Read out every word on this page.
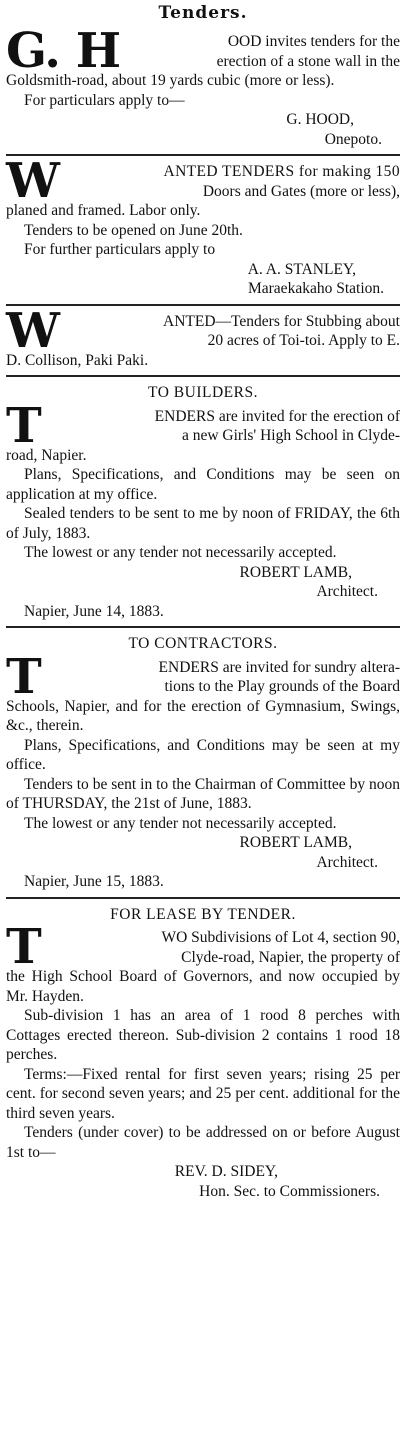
Tenders.
G. H	OOD invites tenders for the

erection of a stone wall in the

Goldsmith-road, about 19 yards cubic (more or less).

For particulars apply to—

G. HOOD,

Onepoto.

W	ANTED TENDERS for making 150

Doors and Gates (more or less),

planed and framed. Labor only.

Tenders to be opened on June 20th.

For further particulars apply to

A. A. STANLEY,

Maraekakaho Station.

W	ANTED—Tenders for Stubbing about

20 acres of Toi-toi. Apply to E.

D. Collison, Paki Paki.

TO BUILDERS.
T	ENDERS are invited for the erection of

a new Girls' High School in Clyde-

road, Napier.

Plans, Specifications, and Conditions may be seen on application at my office.

Sealed tenders to be sent to me by noon of FRIDAY, the 6th of July, 1883.

The lowest or any tender not necessarily accepted.

ROBERT LAMB,

Architect.

Napier, June 14, 1883.

TO CONTRACTORS.
T	ENDERS are invited for sundry altera-

tions to the Play grounds of the Board

Schools, Napier, and for the erection of Gymnasium, Swings, &c., therein.

Plans, Specifications, and Conditions may be seen at my office.

Tenders to be sent in to the Chairman of Committee by noon of THURSDAY, the 21st of June, 1883.

The lowest or any tender not necessarily accepted.

ROBERT LAMB,

Architect.

Napier, June 15, 1883.

FOR LEASE BY TENDER.
T	WO Subdivisions of Lot 4, section 90,

Clyde-road, Napier, the property of

the High School Board of Governors, and now occupied by Mr. Hayden.

Sub-division 1 has an area of 1 rood 8 perches with Cottages erected thereon. Sub-division 2 contains 1 rood 18 perches.

Terms:—Fixed rental for first seven years; rising 25 per cent. for second seven years; and 25 per cent. additional for the third seven years.

Tenders (under cover) to be addressed on or before August 1st to—

REV. D. SIDEY,

Hon. Sec. to Commissioners.
